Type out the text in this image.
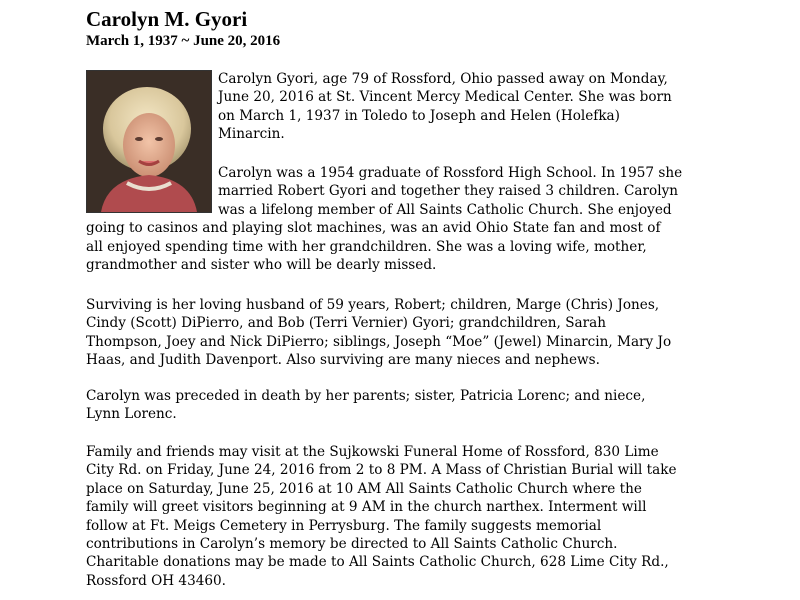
Carolyn M. Gyori
March 1, 1937 ~ June 20, 2016

Carolyn Gyori, age 79 of Rossford, Ohio passed away on Monday,
June 20, 2016 at St. Vincent Mercy Medical Center. She was born
on March 1, 1937 in Toledo to Joseph and Helen (Holefka)
Minarcin.

Carolyn was a 1954 graduate of Rossford High School. In 1957 she
married Robert Gyori and together they raised 3 children. Carolyn
was a lifelong member of All Saints Catholic Church. She enjoyed
going to casinos and playing slot machines, was an avid Ohio State fan and most of
all enjoyed spending time with her grandchildren. She was a loving wife, mother,
grandmother and sister who will be dearly missed.

Surviving is her loving husband of 59 years, Robert; children, Marge (Chris) Jones,
Cindy (Scott) DiPierro, and Bob (Terri Vernier) Gyori; grandchildren, Sarah
Thompson, Joey and Nick DiPierro; siblings, Joseph “Moe” (Jewel) Minarcin, Mary Jo
Haas, and Judith Davenport. Also surviving are many nieces and nephews.

Carolyn was preceded in death by her parents; sister, Patricia Lorenc; and niece,
Lynn Lorenc.

Family and friends may visit at the Sujkowski Funeral Home of Rossford, 830 Lime
City Rd. on Friday, June 24, 2016 from 2 to 8 PM. A Mass of Christian Burial will take
place on Saturday, June 25, 2016 at 10 AM All Saints Catholic Church where the
family will greet visitors beginning at 9 AM in the church narthex. Interment will
follow at Ft. Meigs Cemetery in Perrysburg. The family suggests memorial
contributions in Carolyn’s memory be directed to All Saints Catholic Church.
Charitable donations may be made to All Saints Catholic Church, 628 Lime City Rd.,
Rossford OH 43460.
